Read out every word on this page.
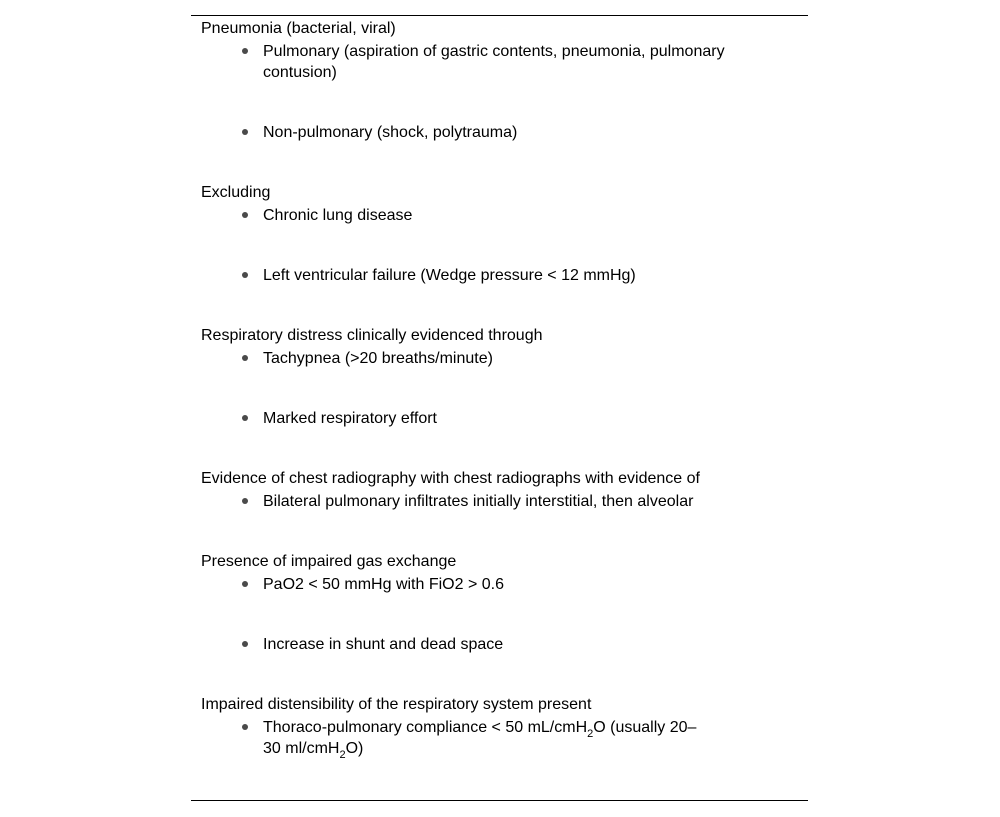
Pneumonia (bacterial, viral)
Pulmonary (aspiration of gastric contents, pneumonia, pulmonary
contusion)
Non-pulmonary (shock, polytrauma)
Excluding
Chronic lung disease
Left ventricular failure (Wedge pressure < 12 mmHg)
Respiratory distress clinically evidenced through
Tachypnea (>20 breaths/minute)
Marked respiratory effort
Evidence of chest radiography with chest radiographs with evidence of
Bilateral pulmonary infiltrates initially interstitial, then alveolar
Presence of impaired gas exchange
PaO2 < 50 mmHg with FiO2 > 0.6
Increase in shunt and dead space
Impaired distensibility of the respiratory system present
Thoraco-pulmonary compliance < 50 mL/cmH$_2$O (usually 20–
30 ml/cmH$_2$O)
